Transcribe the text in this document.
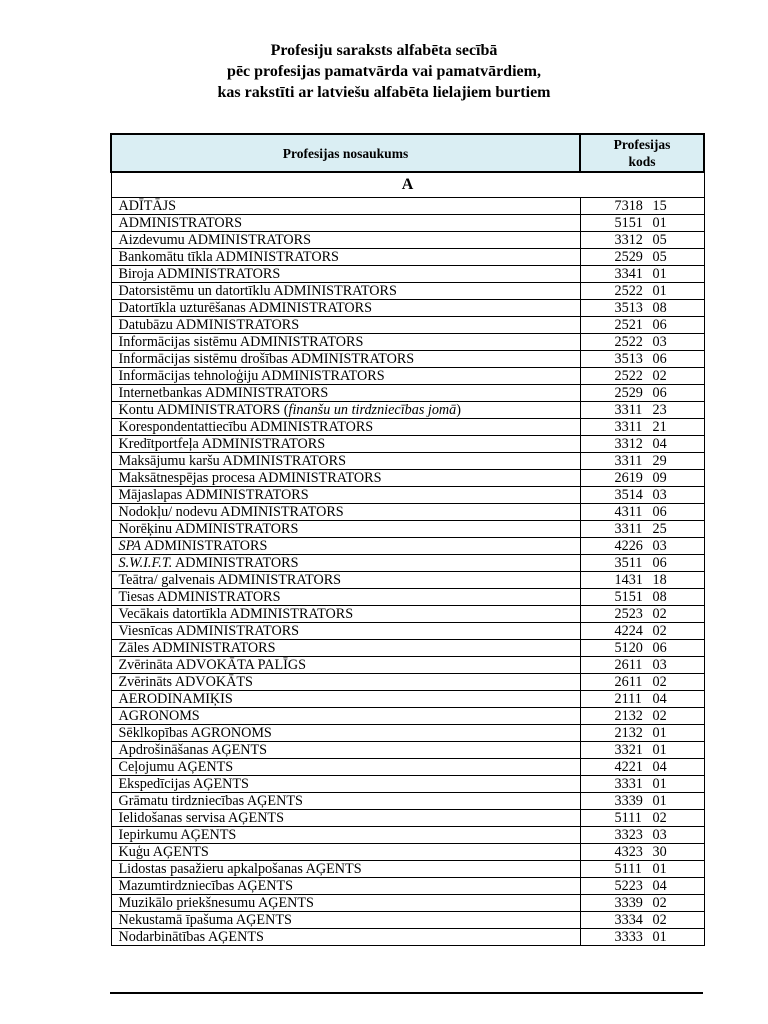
Profesiju saraksts alfabēta secībā
pēc profesijas pamatvārda vai pamatvārdiem,
kas rakstīti ar latviešu alfabēta lielajiem burtiem
Profesijas nosaukums	Profesijas
kods

A	
ADĪTĀJS	7318 15

ADMINISTRATORS	5151 01

Aizdevumu ADMINISTRATORS	3312 05

Bankomātu tīkla ADMINISTRATORS	2529 05

Biroja ADMINISTRATORS	3341 01

Datorsistēmu un datortīklu ADMINISTRATORS	2522 01

Datortīkla uzturēšanas ADMINISTRATORS	3513 08

Datubāzu ADMINISTRATORS	2521 06

Informācijas sistēmu ADMINISTRATORS	2522 03

Informācijas sistēmu drošības ADMINISTRATORS	3513 06

Informācijas tehnoloģiju ADMINISTRATORS	2522 02

Internetbankas ADMINISTRATORS	2529 06

Kontu ADMINISTRATORS (finanšu un tirdzniecības jomā)	3311 23

Korespondentattiecību ADMINISTRATORS	3311 21

Kredītportfeļa ADMINISTRATORS	3312 04

Maksājumu karšu ADMINISTRATORS	3311 29

Maksātnespējas procesa ADMINISTRATORS	2619 09

Mājaslapas ADMINISTRATORS	3514 03

Nodokļu/ nodevu ADMINISTRATORS	4311 06

Norēķinu ADMINISTRATORS	3311 25

SPA ADMINISTRATORS	4226 03

S.W.I.F.T. ADMINISTRATORS	3511 06

Teātra/ galvenais ADMINISTRATORS	1431 18

Tiesas ADMINISTRATORS	5151 08

Vecākais datortīkla ADMINISTRATORS	2523 02

Viesnīcas ADMINISTRATORS	4224 02

Zāles ADMINISTRATORS	5120 06

Zvērināta ADVOKĀTA PALĪGS	2611 03

Zvērināts ADVOKĀTS	2611 02

AERODINAMIĶIS	2111 04

AGRONOMS	2132 02

Sēklkopības AGRONOMS	2132 01

Apdrošināšanas AĢENTS	3321 01

Ceļojumu AĢENTS	4221 04

Ekspedīcijas AĢENTS	3331 01

Grāmatu tirdzniecības AĢENTS	3339 01

Ielidošanas servisa AĢENTS	5111 02

Iepirkumu AĢENTS	3323 03

Kuģu AĢENTS	4323 30

Lidostas pasažieru apkalpošanas AĢENTS	5111 01

Mazumtirdzniecības AĢENTS	5223 04

Muzikālo priekšnesumu AĢENTS	3339 02

Nekustamā īpašuma AĢENTS	3334 02

Nodarbinātības AĢENTS	3333 01
